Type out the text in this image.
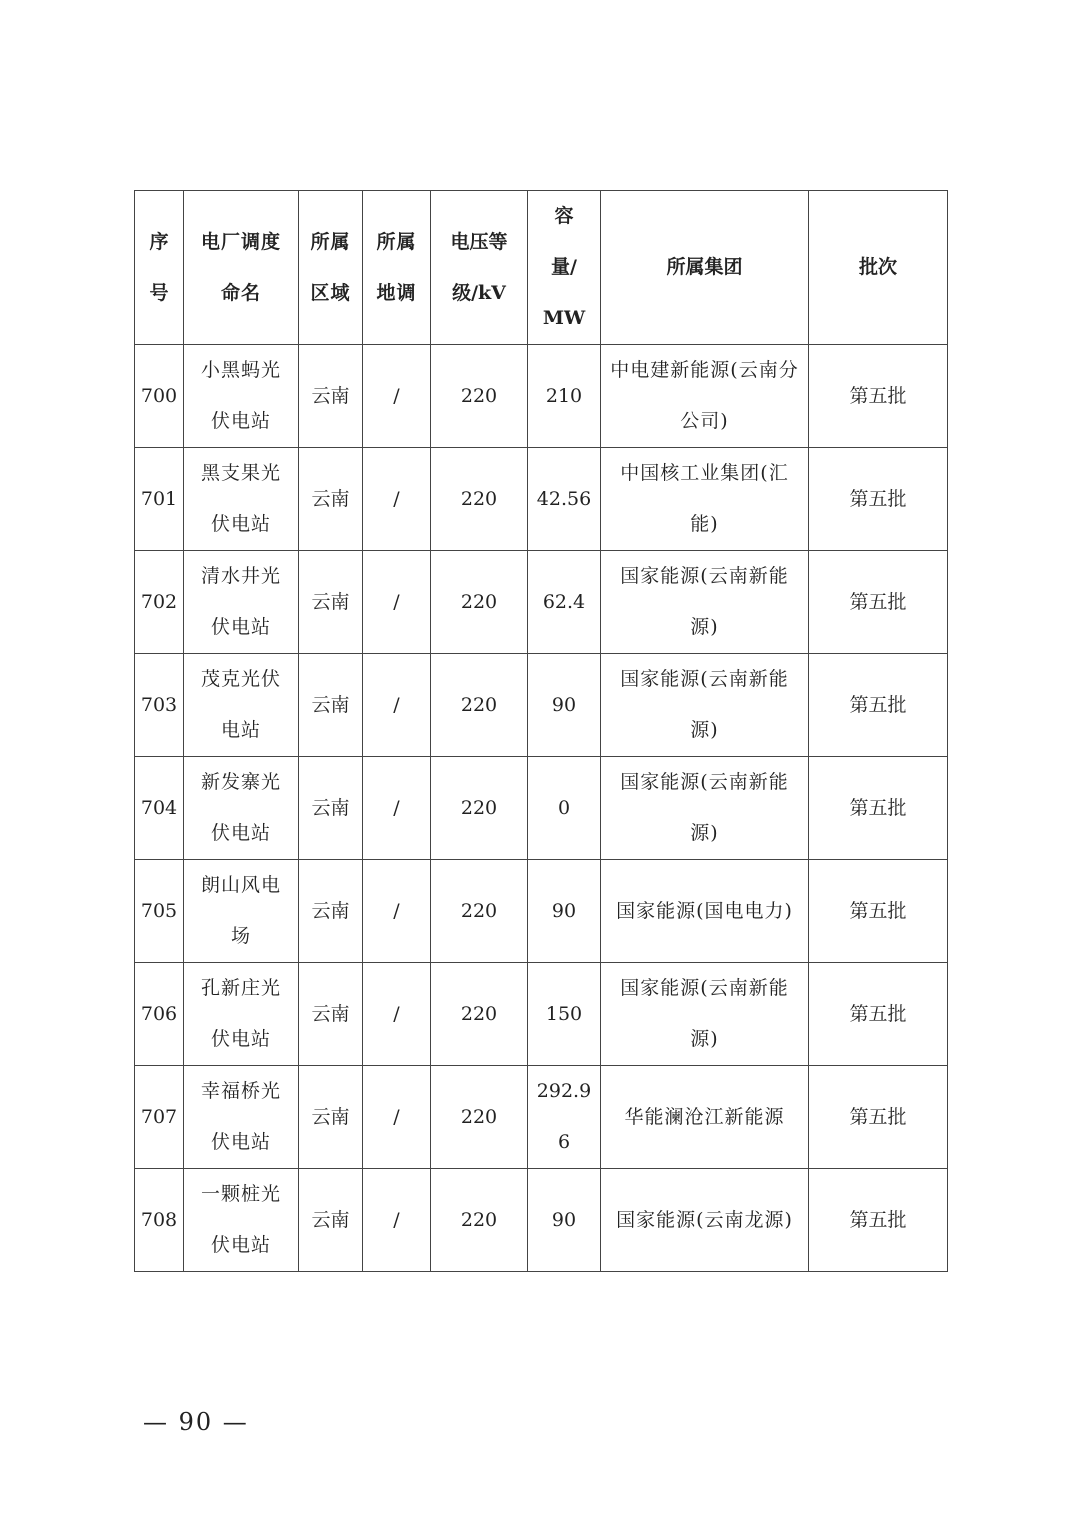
序号	电厂调度命名	所属区域	所属地调	电压等级/kV	容量/MW	所属集团	批次
700	小黑蚂光伏电站	云南	/	220	210	中电建新能源(云南分公司)	第五批
701	黑支果光伏电站	云南	/	220	42.56	中国核工业集团(汇能)	第五批
702	清水井光伏电站	云南	/	220	62.4	国家能源(云南新能源)	第五批
703	茂克光伏电站	云南	/	220	90	国家能源(云南新能源)	第五批
704	新发寨光伏电站	云南	/	220	0	国家能源(云南新能源)	第五批
705	朗山风电场	云南	/	220	90	国家能源(国电电力)	第五批
706	孔新庄光伏电站	云南	/	220	150	国家能源(云南新能源)	第五批
707	幸福桥光伏电站	云南	/	220	292.96	华能澜沧江新能源	第五批
708	一颗桩光伏电站	云南	/	220	90	国家能源(云南龙源)	第五批
— 90 —
